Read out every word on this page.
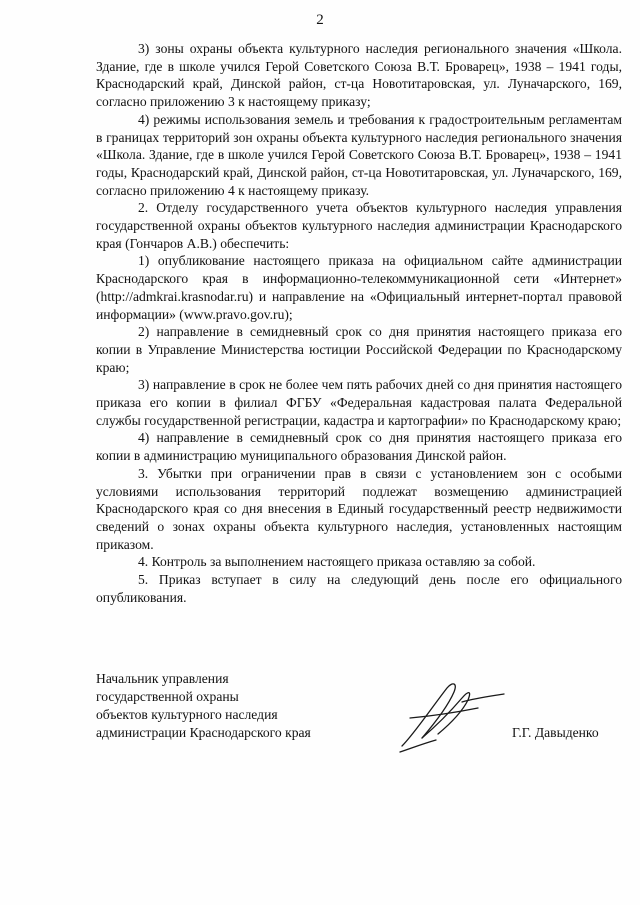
2

3) зоны охраны объекта культурного наследия регионального значения «Школа. Здание, где в школе учился Герой Советского Союза В.Т. Броварец», 1938 – 1941 годы, Краснодарский край, Динской район, ст-ца Новотитаровская, ул. Луначарского, 169, согласно приложению 3 к настоящему приказу;

4) режимы использования земель и требования к градостроительным регламентам в границах территорий зон охраны объекта культурного наследия регионального значения «Школа. Здание, где в школе учился Герой Советского Союза В.Т. Броварец», 1938 – 1941 годы, Краснодарский край, Динской район, ст-ца Новотитаровская, ул. Луначарского, 169, согласно приложению 4 к настоящему приказу.

2. Отделу государственного учета объектов культурного наследия управления государственной охраны объектов культурного наследия администрации Краснодарского края (Гончаров А.В.) обеспечить:

1) опубликование настоящего приказа на официальном сайте администрации Краснодарского края в информационно-телекоммуникационной сети «Интернет» (http://admkrai.krasnodar.ru) и направление на «Официальный интернет-портал правовой информации» (www.pravo.gov.ru);

2) направление в семидневный срок со дня принятия настоящего приказа его копии в Управление Министерства юстиции Российской Федерации по Краснодарскому краю;

3) направление в срок не более чем пять рабочих дней со дня принятия настоящего приказа его копии в филиал ФГБУ «Федеральная кадастровая палата Федеральной службы государственной регистрации, кадастра и картографии» по Краснодарскому краю;

4) направление в семидневный срок со дня принятия настоящего приказа его копии в администрацию муниципального образования Динской район.

3. Убытки при ограничении прав в связи с установлением зон с особыми условиями использования территорий подлежат возмещению администрацией Краснодарского края со дня внесения в Единый государственный реестр недвижимости сведений о зонах охраны объекта культурного наследия, установленных настоящим приказом.

4. Контроль за выполнением настоящего приказа оставляю за собой.

5. Приказ вступает в силу на следующий день после его официального опубликования.

Начальник управления
государственной охраны
объектов культурного наследия
администрации Краснодарского края	Г.Г. Давыденко
